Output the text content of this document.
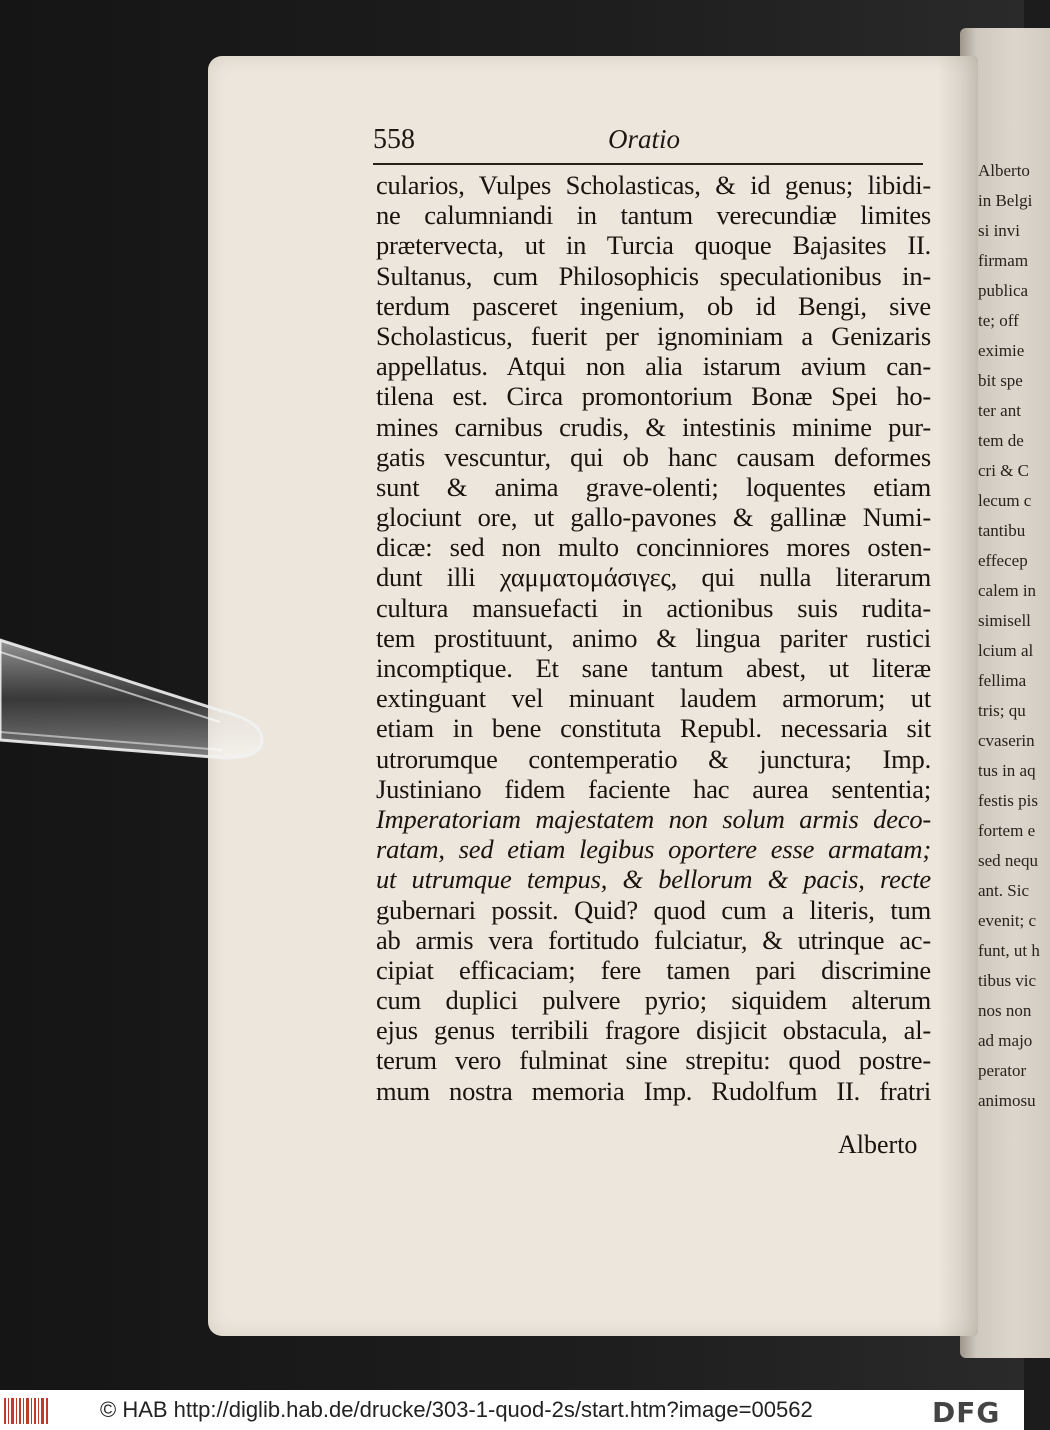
Alberto
in Belgi
si invi
firmam
publica
te; off
eximie
bit spe
ter ant
tem de
cri & C
lecum c
tantibu
effecep
calem in
simisell
lcium al
fellima
tris; qu
cvaserin
tus in aq
festis pis
fortem e
sed nequ
ant. Sic
evenit; c
funt, ut h
tibus vic
nos non
ad majo
perator
animosu
558	Oratio
cularios, Vulpes Scholasticas, & id genus; libidi-
ne calumniandi in tantum verecundiæ limites
prætervecta, ut in Turcia quoque Bajasites II.
Sultanus, cum Philosophicis speculationibus in-
terdum pasceret ingenium, ob id Bengi, sive
Scholasticus, fuerit per ignominiam a Genizaris
appellatus. Atqui non alia istarum avium can-
tilena est. Circa promontorium Bonæ Spei ho-
mines carnibus crudis, & intestinis minime pur-
gatis vescuntur, qui ob hanc causam deformes
sunt & anima grave-olenti; loquentes etiam
glociunt ore, ut gallo-pavones & gallinæ Numi-
dicæ: sed non multo concinniores mores osten-
dunt illi χαμματομάσιγες, qui nulla literarum
cultura mansuefacti in actionibus suis rudita-
tem prostituunt, animo & lingua pariter rustici
incomptique. Et sane tantum abest, ut literæ
extinguant vel minuant laudem armorum; ut
etiam in bene constituta Republ. necessaria sit
utrorumque contemperatio & junctura; Imp.
Justiniano fidem faciente hac aurea sententia;
Imperatoriam majestatem non solum armis deco-
ratam, sed etiam legibus oportere esse armatam;
ut utrumque tempus, & bellorum & pacis, recte
gubernari possit. Quid? quod cum a literis, tum
ab armis vera fortitudo fulciatur, & utrinque ac-
cipiat efficaciam; fere tamen pari discrimine
cum duplici pulvere pyrio; siquidem alterum
ejus genus terribili fragore disjicit obstacula, al-
terum vero fulminat sine strepitu: quod postre-
mum nostra memoria Imp. Rudolfum II. fratri
Alberto
© HAB http://diglib.hab.de/drucke/303-1-quod-2s/start.htm?image=00562	DFG
